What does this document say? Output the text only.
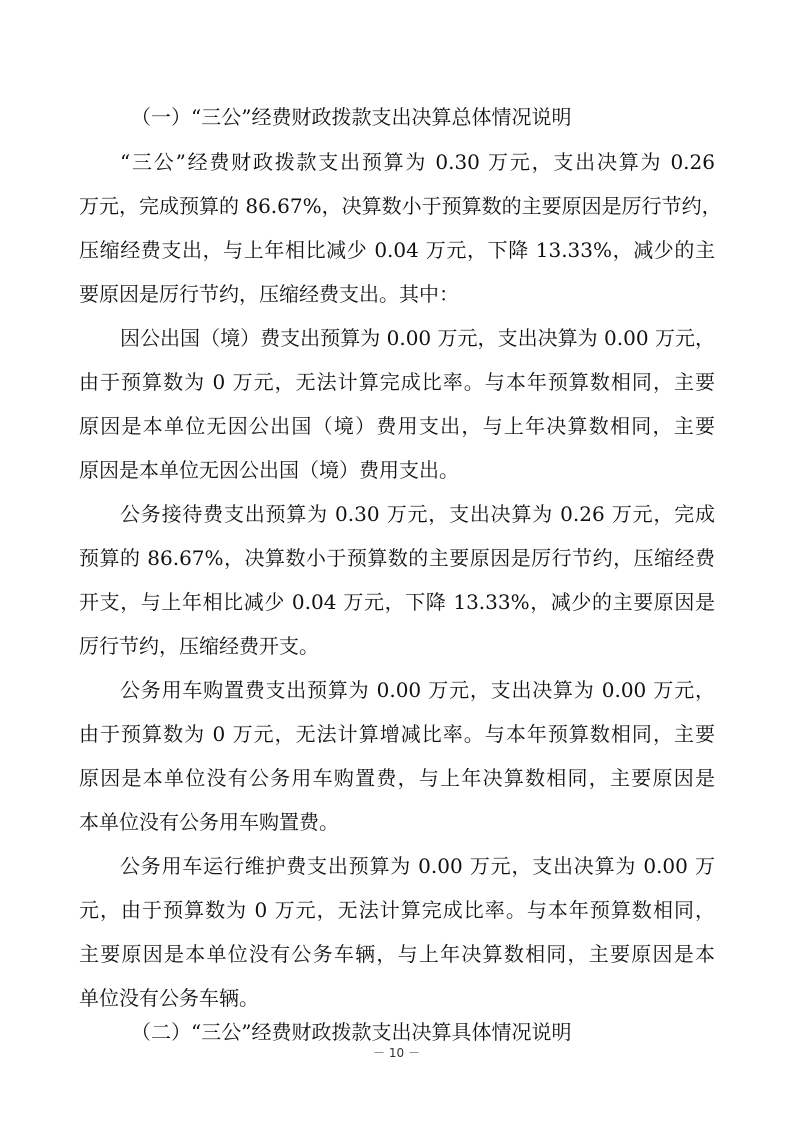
（一）“三公”经费财政拨款支出决算总体情况说明
“三公”经费财政拨款支出预算为 0.30 万元，支出决算为 0.26
万元，完成预算的 86.67%，决算数小于预算数的主要原因是厉行节约，
压缩经费支出，与上年相比减少 0.04 万元，下降 13.33%，减少的主
要原因是厉行节约，压缩经费支出。其中：
因公出国（境）费支出预算为 0.00 万元，支出决算为 0.00 万元，
由于预算数为 0 万元，无法计算完成比率。与本年预算数相同，主要
原因是本单位无因公出国（境）费用支出，与上年决算数相同，主要
原因是本单位无因公出国（境）费用支出。
公务接待费支出预算为 0.30 万元，支出决算为 0.26 万元，完成
预算的 86.67%，决算数小于预算数的主要原因是厉行节约，压缩经费
开支，与上年相比减少 0.04 万元，下降 13.33%，减少的主要原因是
厉行节约，压缩经费开支。
公务用车购置费支出预算为 0.00 万元，支出决算为 0.00 万元，
由于预算数为 0 万元，无法计算增减比率。与本年预算数相同，主要
原因是本单位没有公务用车购置费，与上年决算数相同，主要原因是
本单位没有公务用车购置费。
公务用车运行维护费支出预算为 0.00 万元，支出决算为 0.00 万
元，由于预算数为 0 万元，无法计算完成比率。与本年预算数相同，
主要原因是本单位没有公务车辆，与上年决算数相同，主要原因是本
单位没有公务车辆。
（二）“三公”经费财政拨款支出决算具体情况说明
－ 10 －
